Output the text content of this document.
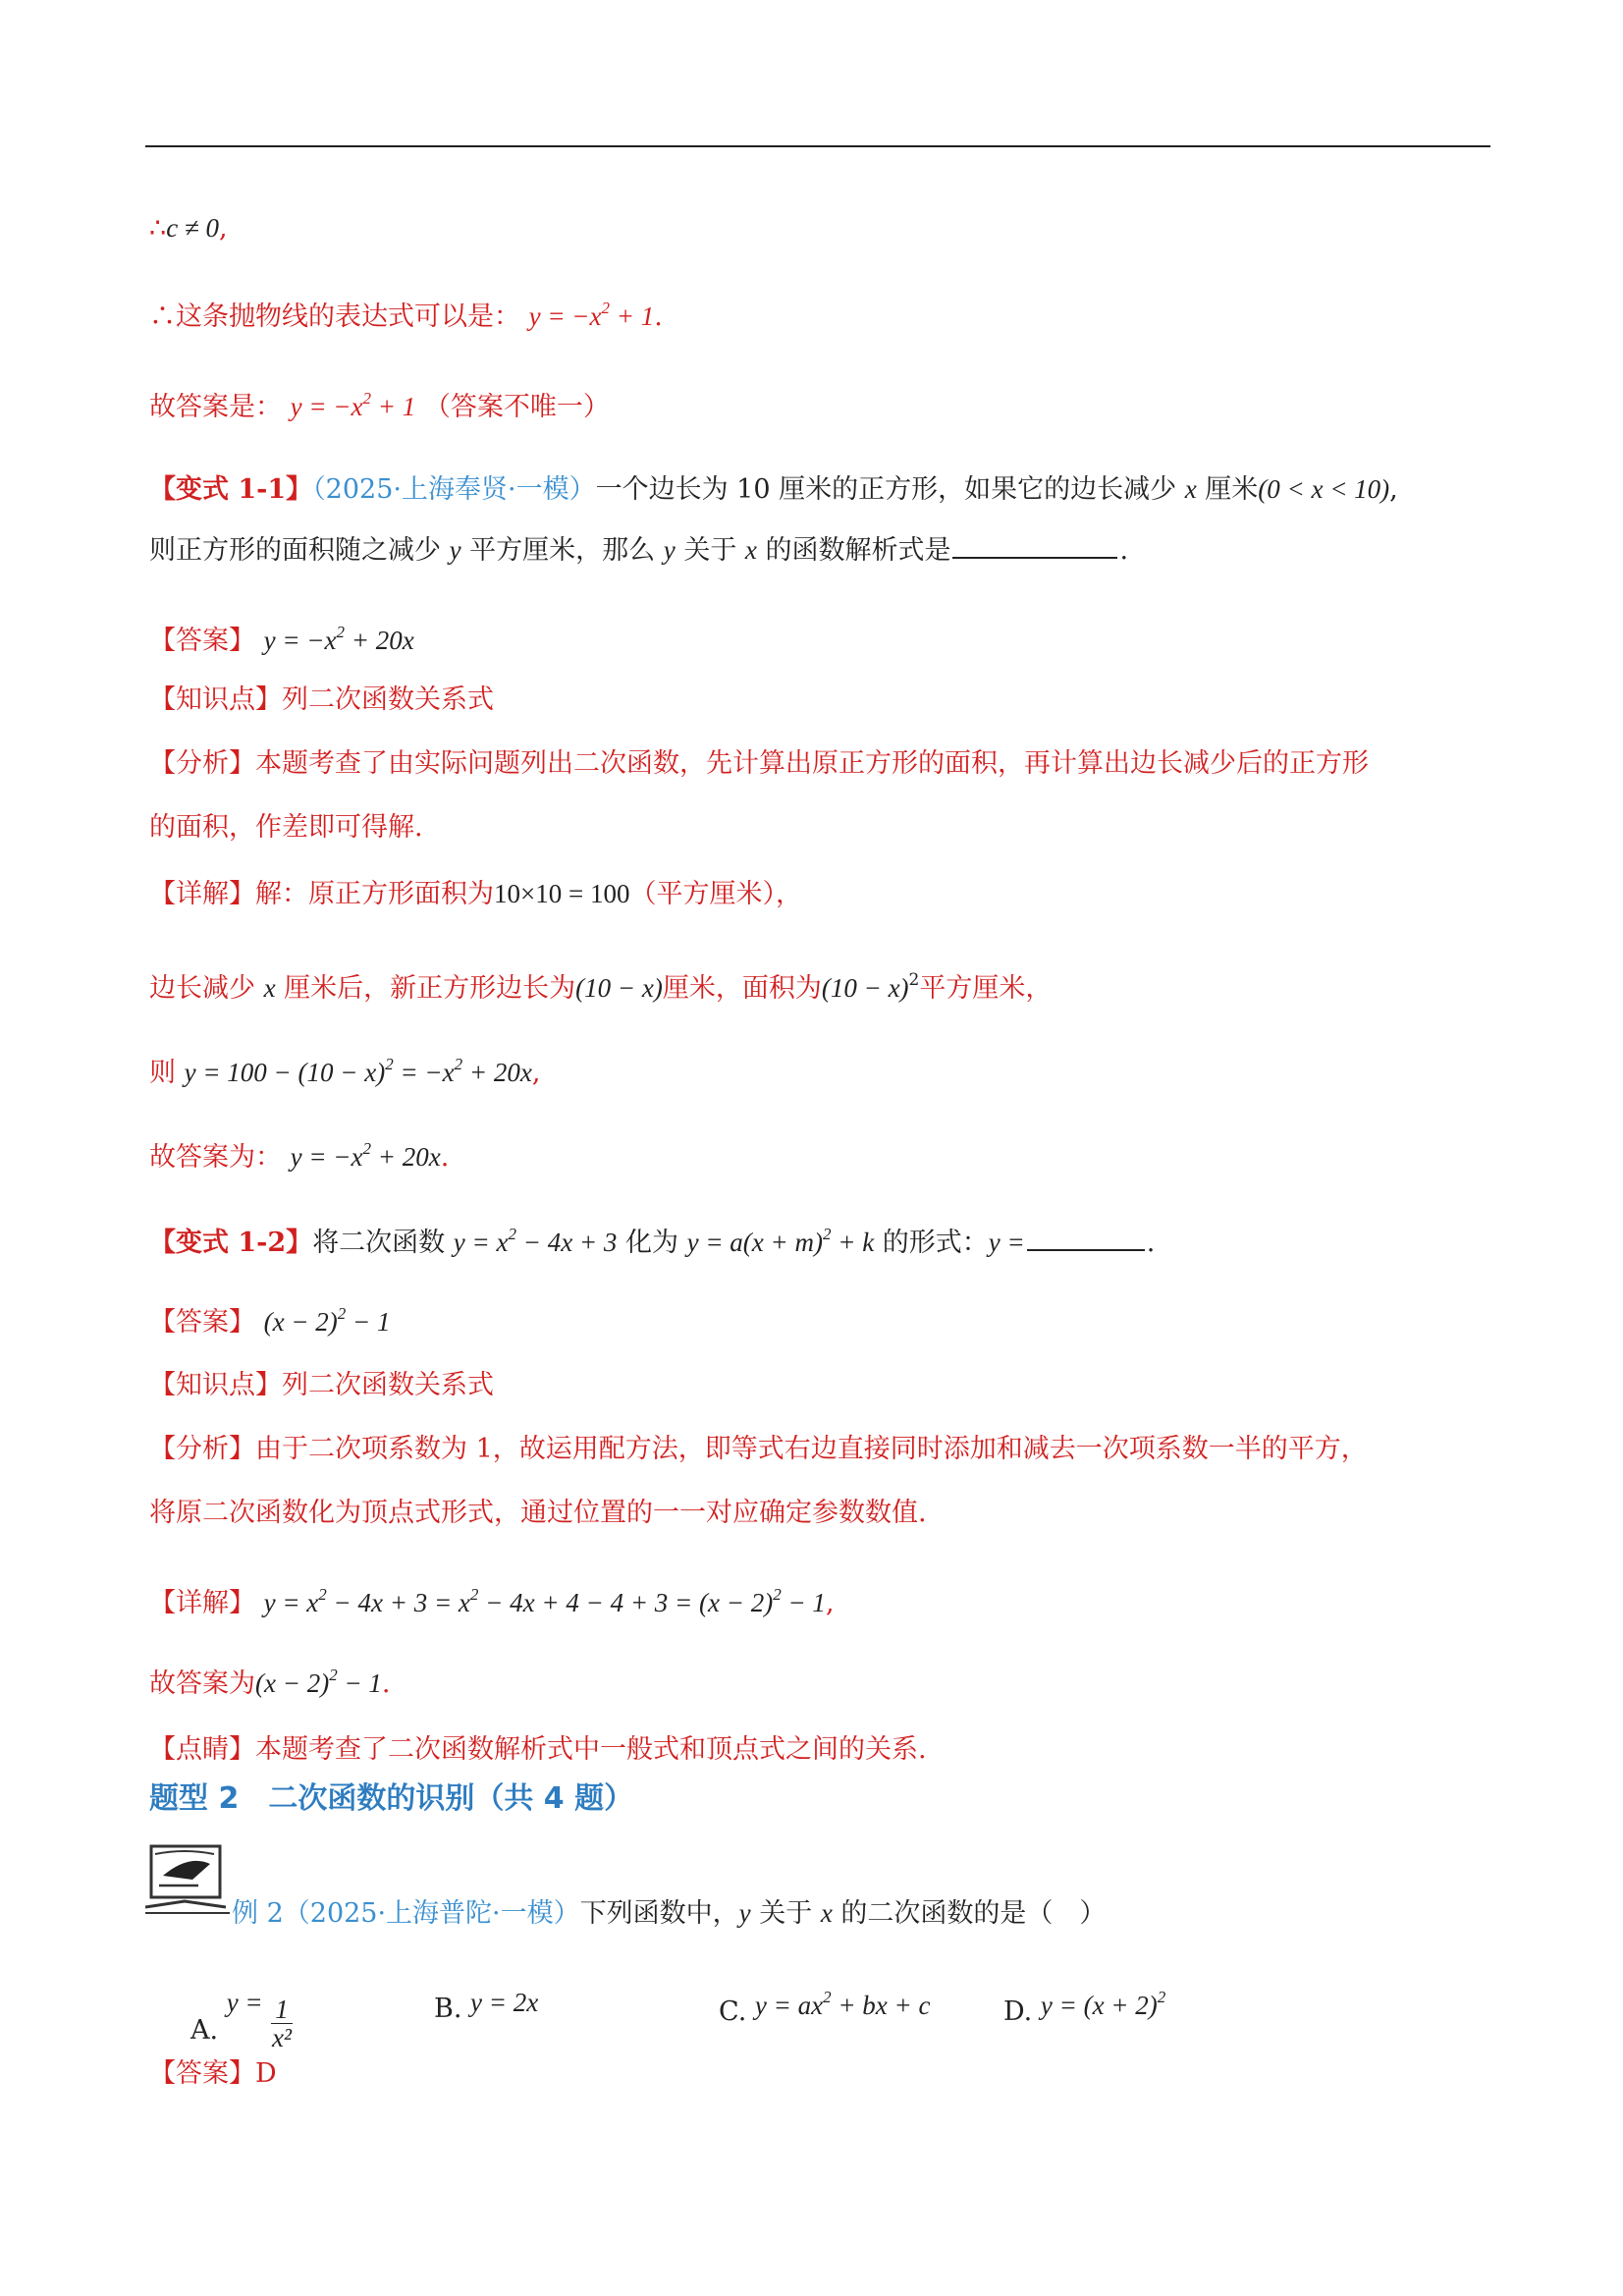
∴c ≠ 0,
∴这条抛物线的表达式可以是： $y = -x^2 + 1$.
故答案是： $y = -x^2 + 1$ （答案不唯一）
【变式 1-1】（2025·上海奉贤·一模）一个边长为 10 厘米的正方形，如果它的边长减少 x 厘米(0 < x < 10),
则正方形的面积随之减少 y 平方厘米，那么 y 关于 x 的函数解析式是	.
【答案】 $y = -x^2 + 20x$
【知识点】列二次函数关系式
【分析】本题考查了由实际问题列出二次函数，先计算出原正方形的面积，再计算出边长减少后的正方形
的面积，作差即可得解.
【详解】解：原正方形面积为10×10 = 100（平方厘米），
边长减少 x 厘米后，新正方形边长为(10 − x)厘米，面积为$(10 - x)^2$平方厘米，
则 $y = 100 - (10 - x)^2 = -x^2 + 20x$,
故答案为： $y = -x^2 + 20x$.
【变式 1-2】将二次函数 $y = x^2 - 4x + 3$ 化为 $y = a(x + m)^2 + k$ 的形式：y =	.
【答案】 $(x - 2)^2 - 1$
【知识点】列二次函数关系式
【分析】由于二次项系数为 1，故运用配方法，即等式右边直接同时添加和减去一次项系数一半的平方，
将原二次函数化为顶点式形式，通过位置的一一对应确定参数数值.
【详解】 $y = x^2 - 4x + 3 = x^2 - 4x + 4 - 4 + 3 = (x - 2)^2 - 1$,
故答案为$(x - 2)^2 - 1$.
【点睛】本题考查了二次函数解析式中一般式和顶点式之间的关系.
题型 2　二次函数的识别（共 4 题）
例 2（2025·上海普陀·一模）下列函数中，y 关于 x 的二次函数的是（　）
A. $y = \frac{1}{\text{x²}}$	B. y = 2x	C. $y = ax^2$ + bx + c	D. $y = (x + 2)^2$
【答案】D
